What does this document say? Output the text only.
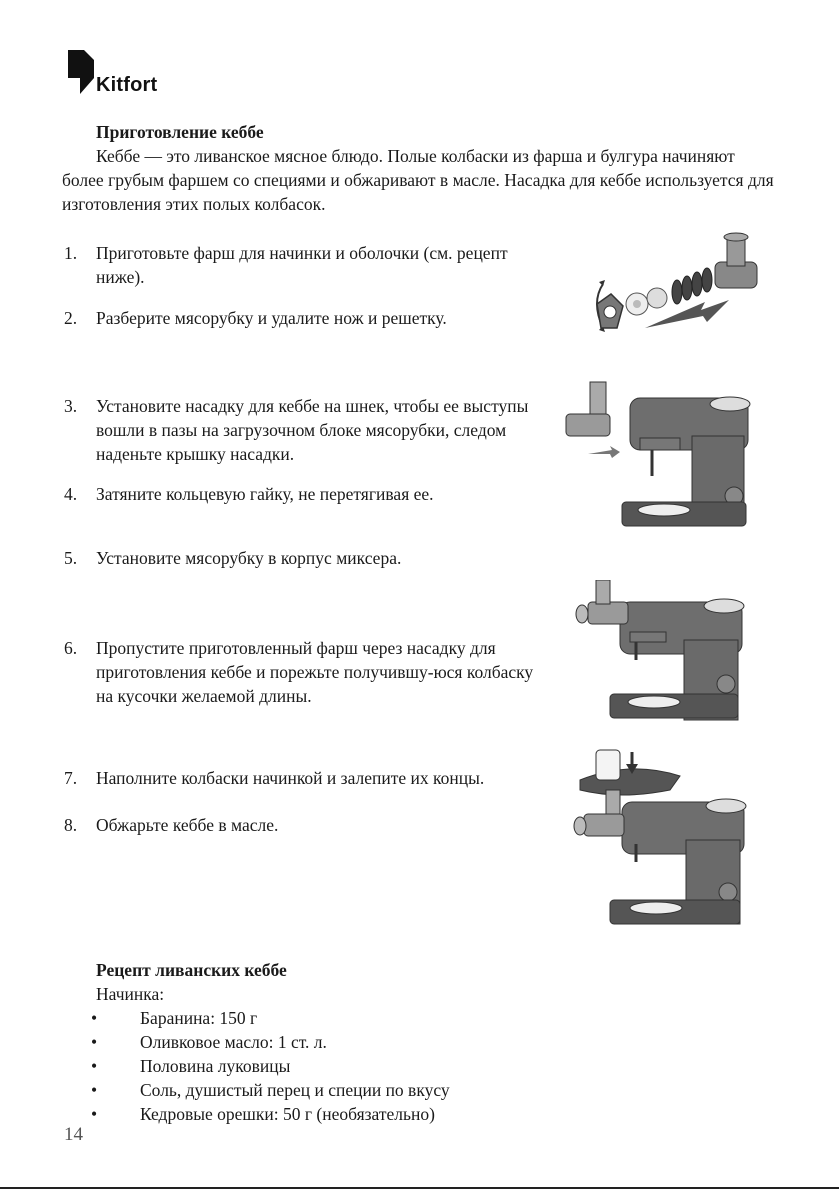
Kitfort
Приготовление кеббе

Кеббе — это ливанское мясное блюдо. Полые колбаски из фарша и булгура начиняют более грубым фаршем со специями и обжаривают в масле. Насадка для кеббе используется для изготовления этих полых колбасок.

1. Приготовьте фарш для начинки и оболочки (см. рецепт ниже).
2. Разберите мясорубку и удалите нож и решетку.
3. Установите насадку для кеббе на шнек, чтобы ее выступы вошли в пазы на загрузочном блоке мясорубки, следом наденьте крышку насадки.
4. Затяните кольцевую гайку, не перетягивая ее.
5. Установите мясорубку в корпус миксера.
6. Пропустите приготовленный фарш через насадку для приготовления кеббе и порежьте получившу-юся колбаску на кусочки желаемой длины.
7. Наполните колбаски начинкой и залепите их концы.
8. Обжарьте кеббе в масле.
Рецепт ливанских кеббе
Начинка:
• Баранина: 150 г
• Оливковое масло: 1 ст. л.
• Половина луковицы
• Соль, душистый перец и специи по вкусу
• Кедровые орешки: 50 г (необязательно)
14
